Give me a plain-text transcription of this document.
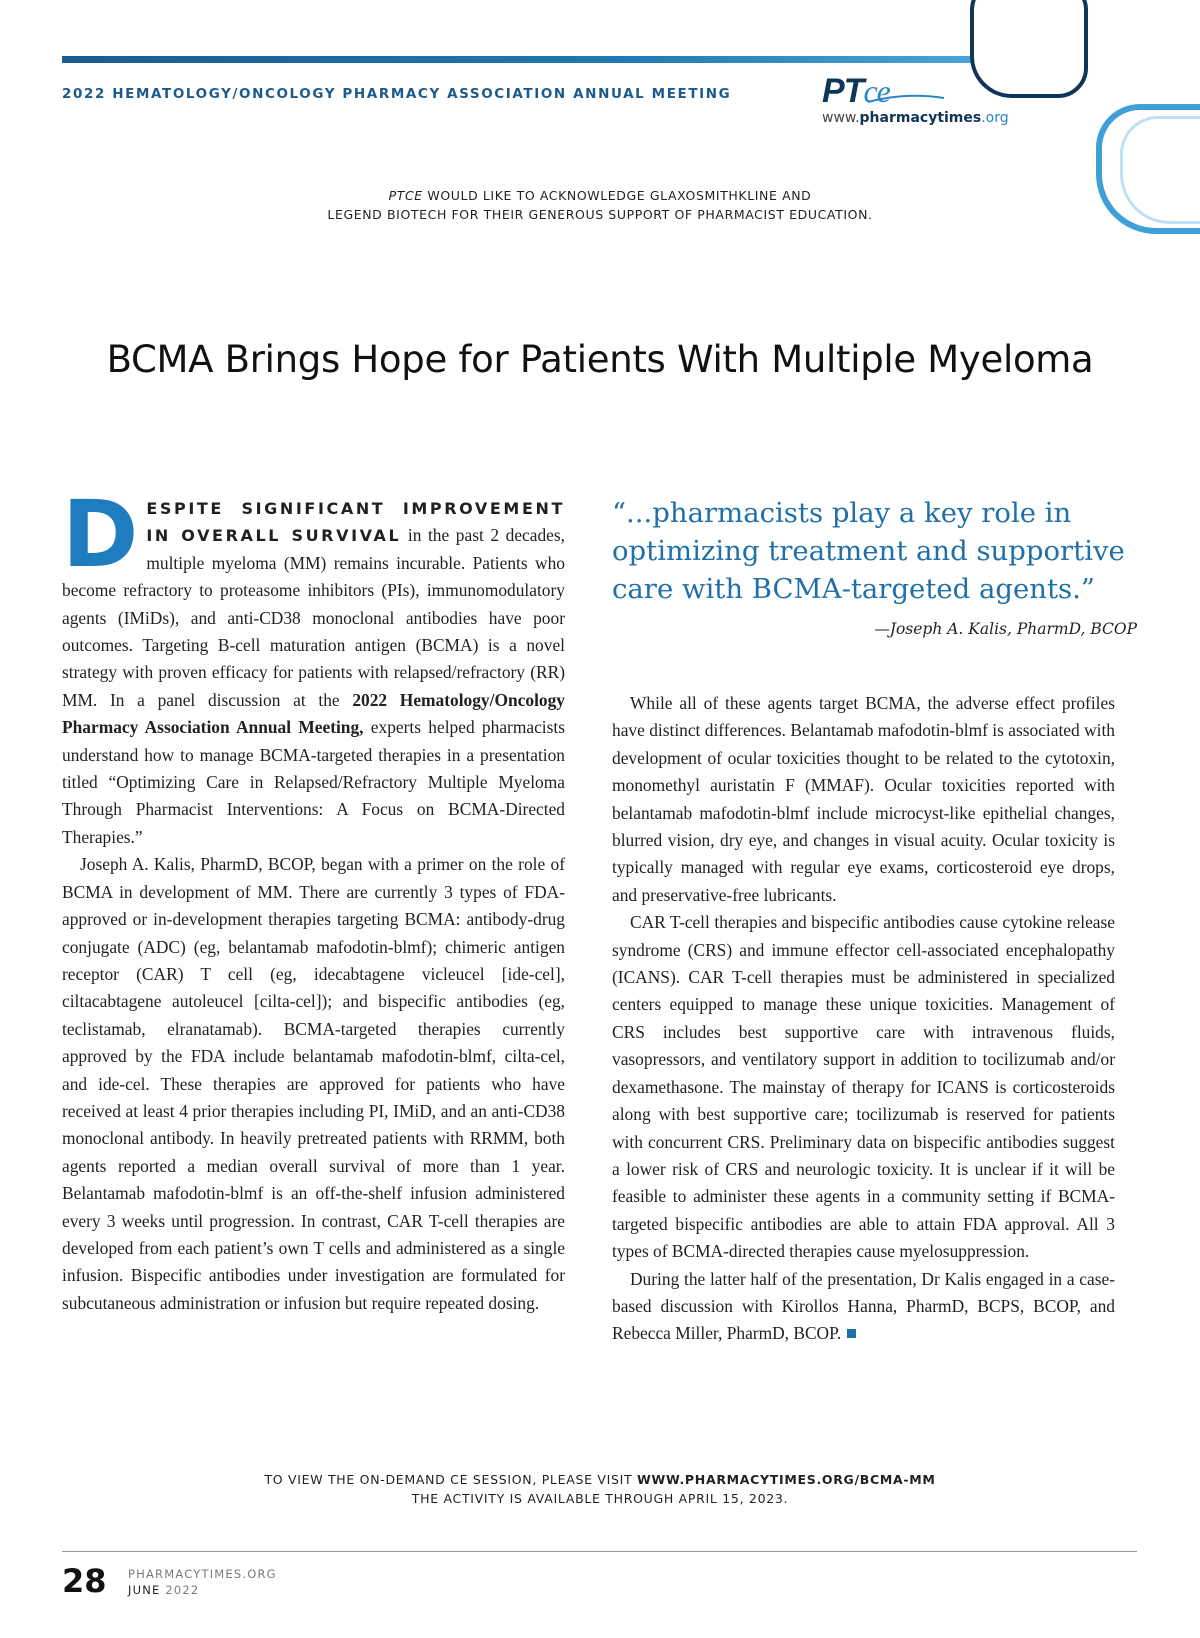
2022 HEMATOLOGY/ONCOLOGY PHARMACY ASSOCIATION ANNUAL MEETING	PTce
www.pharmacytimes.org
PTCE WOULD LIKE TO ACKNOWLEDGE GLAXOSMITHKLINE AND
LEGEND BIOTECH FOR THEIR GENEROUS SUPPORT OF PHARMACIST EDUCATION.
BCMA Brings Hope for Patients With Multiple Myeloma

DESPITE SIGNIFICANT IMPROVEMENT IN OVERALL SURVIVAL in the past 2 decades, multiple myeloma (MM) remains incurable. Patients who become refractory to proteasome inhibitors (PIs), immunomodulatory agents (IMiDs), and anti-CD38 monoclonal antibodies have poor outcomes. Targeting B-cell maturation antigen (BCMA) is a novel strategy with proven efficacy for patients with relapsed/refractory (RR) MM. In a panel discussion at the 2022 Hematology/Oncology Pharmacy Association Annual Meeting, experts helped pharmacists understand how to manage BCMA-targeted therapies in a presentation titled “Optimizing Care in Relapsed/Refractory Multiple Myeloma Through Pharmacist Interventions: A Focus on BCMA-Directed Therapies.”

Joseph A. Kalis, PharmD, BCOP, began with a primer on the role of BCMA in development of MM. There are currently 3 types of FDA-approved or in-development therapies targeting BCMA: antibody-drug conjugate (ADC) (eg, belantamab mafodotin-blmf); chimeric antigen receptor (CAR) T cell (eg, idecabtagene vicleucel [ide-cel], ciltacabtagene autoleucel [cilta-cel]); and bispecific antibodies (eg, teclistamab, elranatamab). BCMA-targeted therapies currently approved by the FDA include belantamab mafodotin-blmf, cilta-cel, and ide-cel. These therapies are approved for patients who have received at least 4 prior therapies including PI, IMiD, and an anti-CD38 monoclonal antibody. In heavily pretreated patients with RRMM, both agents reported a median overall survival of more than 1 year. Belantamab mafodotin-blmf is an off-the-shelf infusion administered every 3 weeks until progression. In contrast, CAR T-cell therapies are developed from each patient’s own T cells and administered as a single infusion. Bispecific antibodies under investigation are formulated for subcutaneous administration or infusion but require repeated dosing.

“...pharmacists play a key role in optimizing treatment and supportive care with BCMA-targeted agents.”
—Joseph A. Kalis, PharmD, BCOP

While all of these agents target BCMA, the adverse effect profiles have distinct differences. Belantamab mafodotin-blmf is associated with development of ocular toxicities thought to be related to the cytotoxin, monomethyl auristatin F (MMAF). Ocular toxicities reported with belantamab mafodotin-blmf include microcyst-like epithelial changes, blurred vision, dry eye, and changes in visual acuity. Ocular toxicity is typically managed with regular eye exams, corticosteroid eye drops, and preservative-free lubricants.

CAR T-cell therapies and bispecific antibodies cause cytokine release syndrome (CRS) and immune effector cell-associated encephalopathy (ICANS). CAR T-cell therapies must be administered in specialized centers equipped to manage these unique toxicities. Management of CRS includes best supportive care with intravenous fluids, vasopressors, and ventilatory support in addition to tocilizumab and/or dexamethasone. The mainstay of therapy for ICANS is corticosteroids along with best supportive care; tocilizumab is reserved for patients with concurrent CRS. Preliminary data on bispecific antibodies suggest a lower risk of CRS and neurologic toxicity. It is unclear if it will be feasible to administer these agents in a community setting if BCMA-targeted bispecific antibodies are able to attain FDA approval. All 3 types of BCMA-directed therapies cause myelosuppression.

During the latter half of the presentation, Dr Kalis engaged in a case-based discussion with Kirollos Hanna, PharmD, BCPS, BCOP, and Rebecca Miller, PharmD, BCOP.

TO VIEW THE ON-DEMAND CE SESSION, PLEASE VISIT WWW.PHARMACYTIMES.ORG/BCMA-MM
THE ACTIVITY IS AVAILABLE THROUGH APRIL 15, 2023.
28 PHARMACYTIMES.ORG
JUNE 2022
